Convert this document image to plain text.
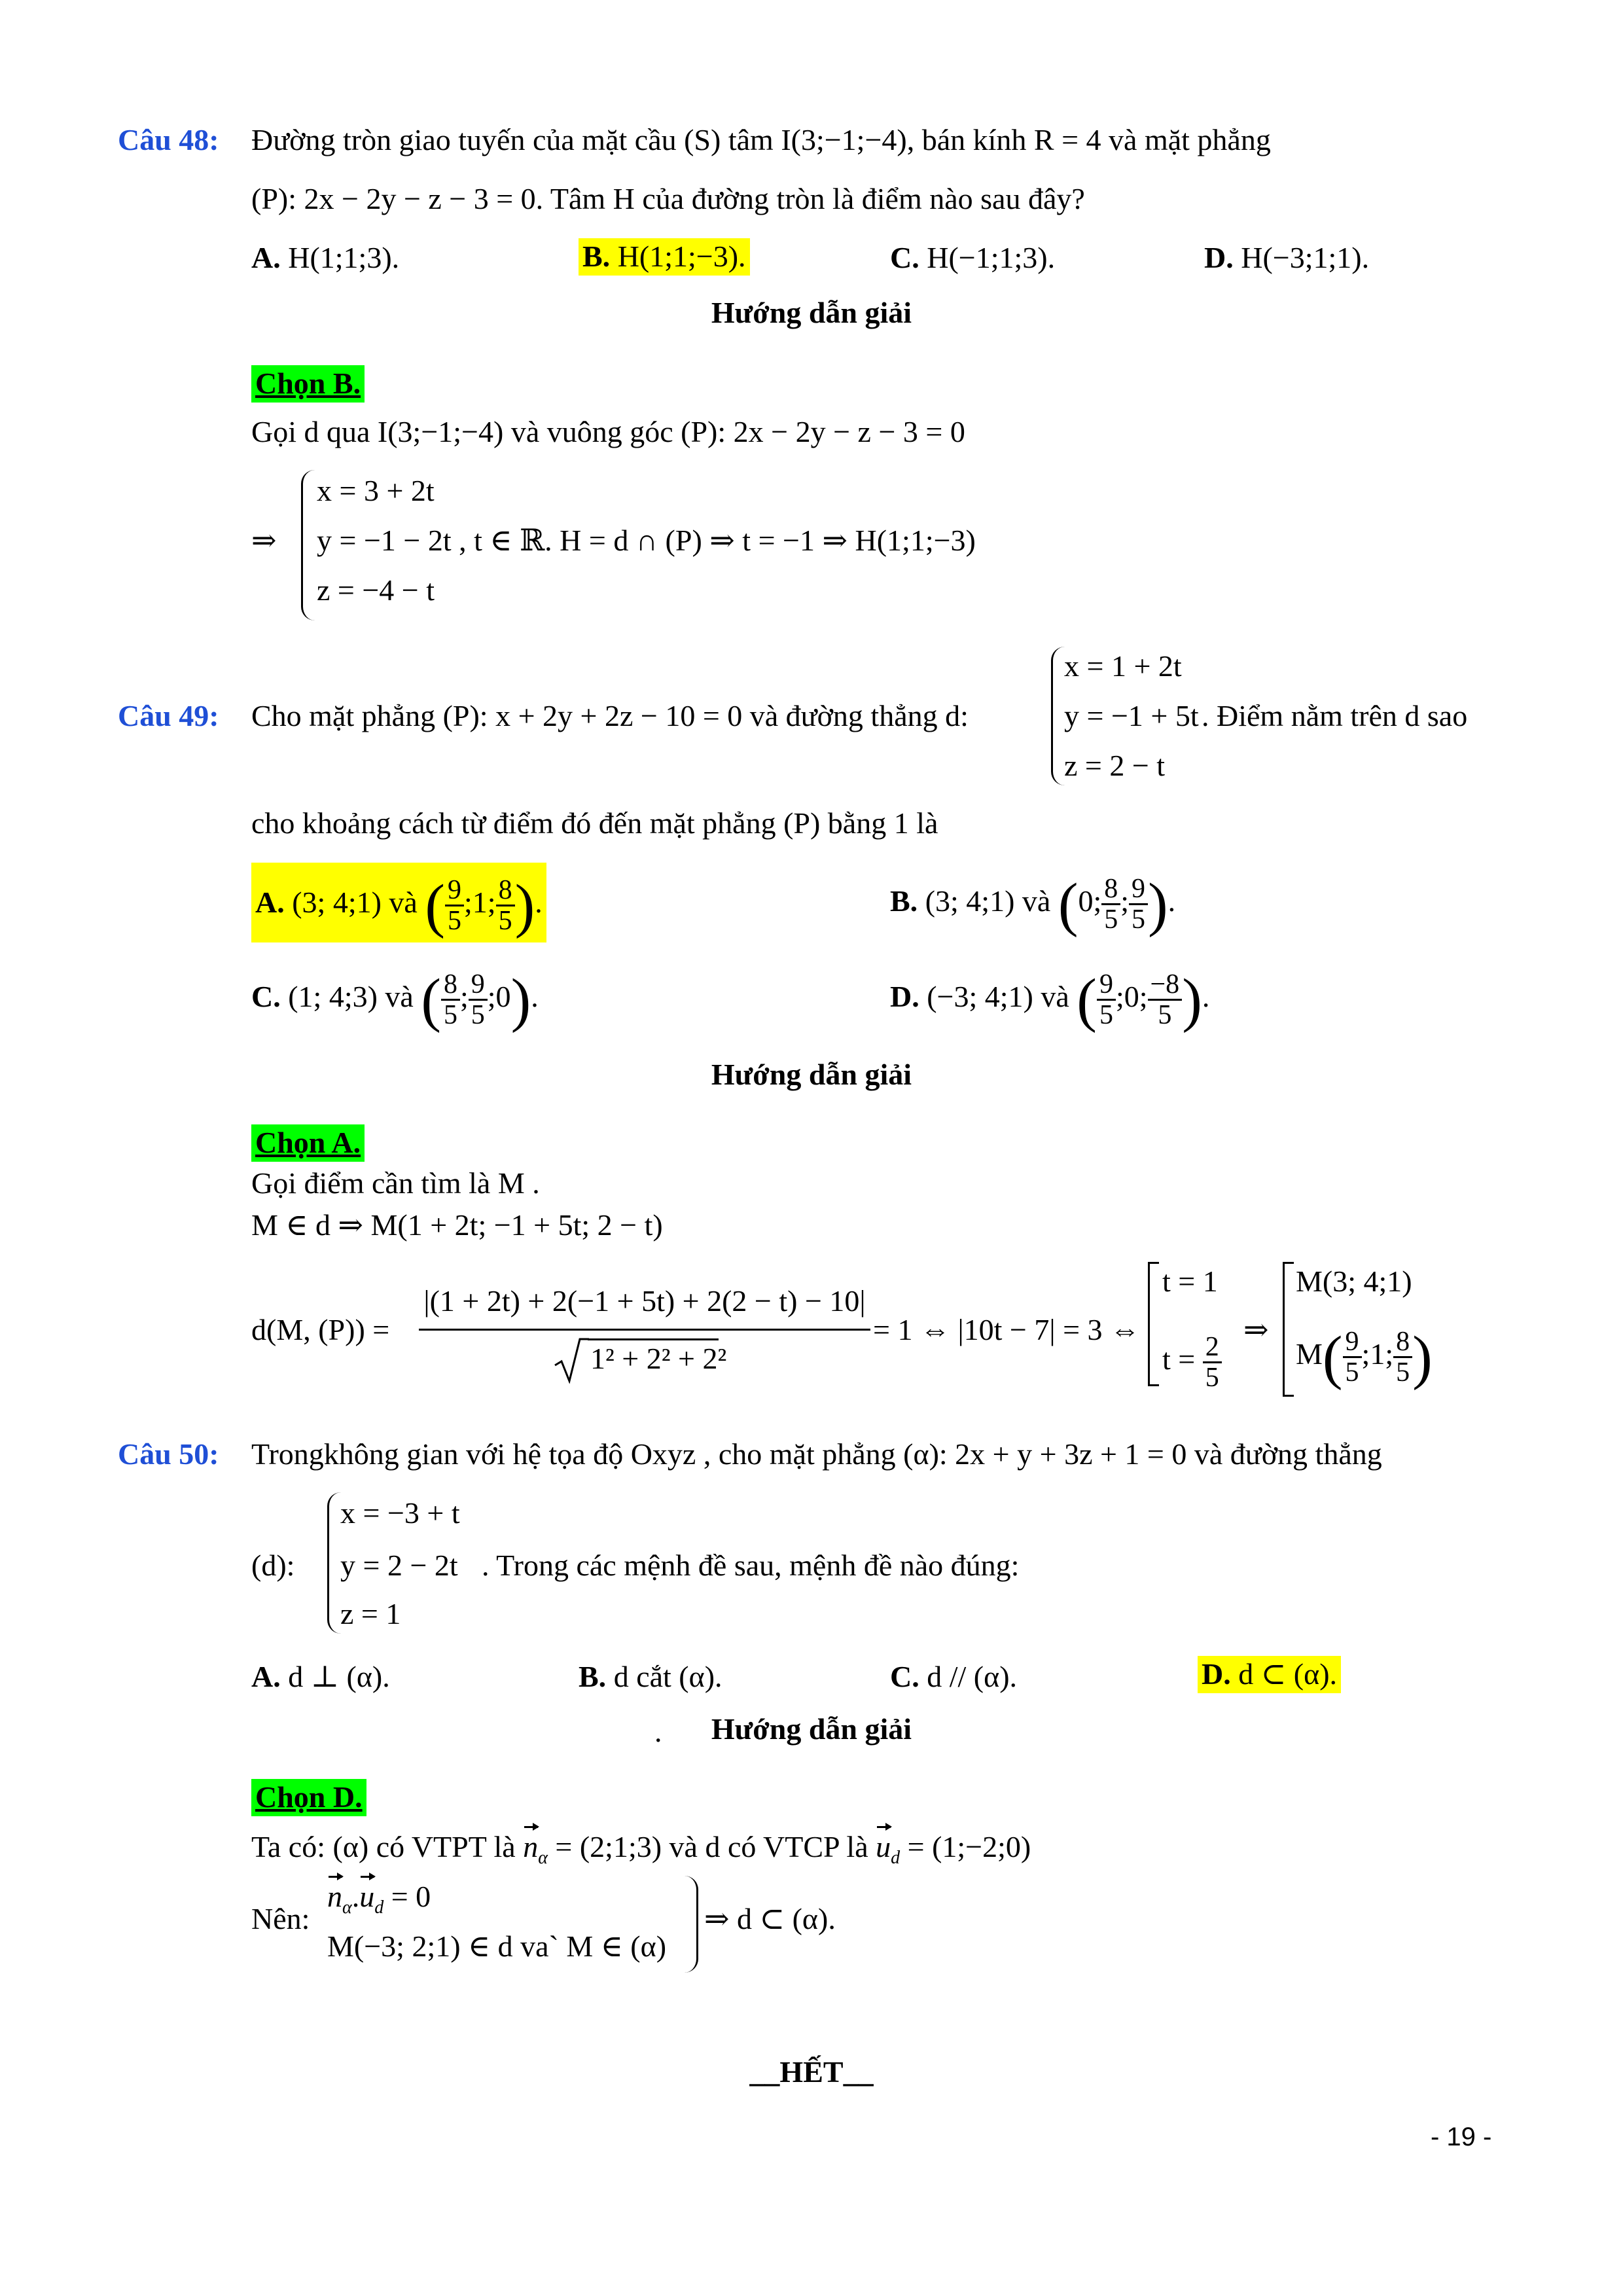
Câu 48: Đường tròn giao tuyến của mặt cầu (S) tâm I(3;−1;−4), bán kính R = 4 và mặt phẳng
(P): 2x − 2y − z − 3 = 0. Tâm H của đường tròn là điểm nào sau đây?
A. H(1;1;3).	B. H(1;1;−3).	C. H(−1;1;3).	D. H(−3;1;1).
Hướng dẫn giải
Chọn B.
Gọi d qua I(3;−1;−4) và vuông góc (P): 2x − 2y − z − 3 = 0
⇒
x = 3 + 2t
y = −1 − 2t , t ∈ ℝ. H = d ∩ (P) ⇒ t = −1 ⇒ H(1;1;−3)
z = −4 − t
Câu 49: Cho mặt phẳng (P): x + 2y + 2z − 10 = 0 và đường thẳng d:
x = 1 + 2t
y = −1 + 5t
z = 2 − t
. Điểm nằm trên d sao
cho khoảng cách từ điểm đó đến mặt phẳng (P) bằng 1 là
A. (3; 4;1) và ( $\frac{9}{5}$ ;1; $\frac{8}{5}$ ).	B. (3; 4;1) và (0; $\frac{8}{5}$ ; $\frac{9}{5}$ ).
C. (1; 4;3) và ( $\frac{8}{5}$ ; $\frac{9}{5}$ ;0).	D. (−3; 4;1) và ( $\frac{9}{5}$ ;0; $\frac{-8}{5}$ ).
Hướng dẫn giải
Chọn A.
Gọi điểm cần tìm là M .
M ∈ d ⇒ M(1 + 2t; −1 + 5t; 2 − t)
d(M, (P)) =
|(1 + 2t) + 2(−1 + 5t) + 2(2 − t) − 10|
1² + 2² + 2²
= 1 ⇔ |10t − 7| = 3 ⇔
t = 1
$t = \frac{2}{5}$
⇒
M(3; 4;1)
$M( \frac{9}{5}$ ;1; $\frac{8}{5}$ )
Câu 50: Trongkhông gian với hệ tọa độ Oxyz , cho mặt phẳng (α): 2x + y + 3z + 1 = 0 và đường thẳng
(d):
x = −3 + t
y = 2 − 2t
z = 1
. Trong các mệnh đề sau, mệnh đề nào đúng:
A. d ⊥ (α).	B. d cắt (α).	C. d // (α).	D. d ⊂ (α).
.	Hướng dẫn giải
Chọn D.
Ta có: (α) có VTPT là $n_\alpha$ = (2;1;3) và d có VTCP là $u_d$ = (1;−2;0)
Nên:
$n_\alpha.u_d = 0$
M(−3; 2;1) ∈ d va` M ∈ (α)
⇒ d ⊂ (α).
__HẾT__
- 19 -
